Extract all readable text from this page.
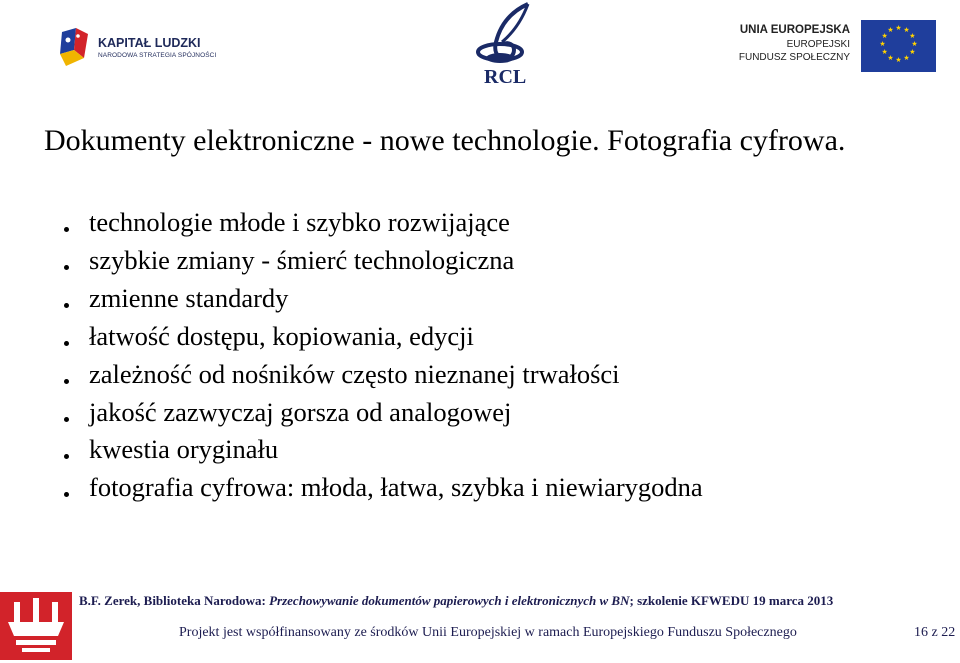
KAPITAŁ LUDZKI
NARODOWA STRATEGIA SPÓJNOŚCI
RCL
UNIA EUROPEJSKA
EUROPEJSKI
FUNDUSZ SPOŁECZNY
★ ★
★
★
★
★
★
★
★
★
★
★
Dokumenty elektroniczne - nowe technologie. Fotografia cyfrowa.
technologie młode i szybko rozwijające
szybkie zmiany - śmierć technologiczna
zmienne standardy
łatwość dostępu, kopiowania, edycji
zależność od nośników często nieznanej trwałości
jakość zazwyczaj gorsza od analogowej
kwestia oryginału
fotografia cyfrowa: młoda, łatwa, szybka i niewiarygodna
B.F. Zerek, Biblioteka Narodowa: Przechowywanie dokumentów papierowych i elektronicznych w BN; szkolenie KFWEDU 19 marca 2013
Projekt jest współfinansowany ze środków Unii Europejskiej w ramach Europejskiego Funduszu Społecznego	16 z 22
